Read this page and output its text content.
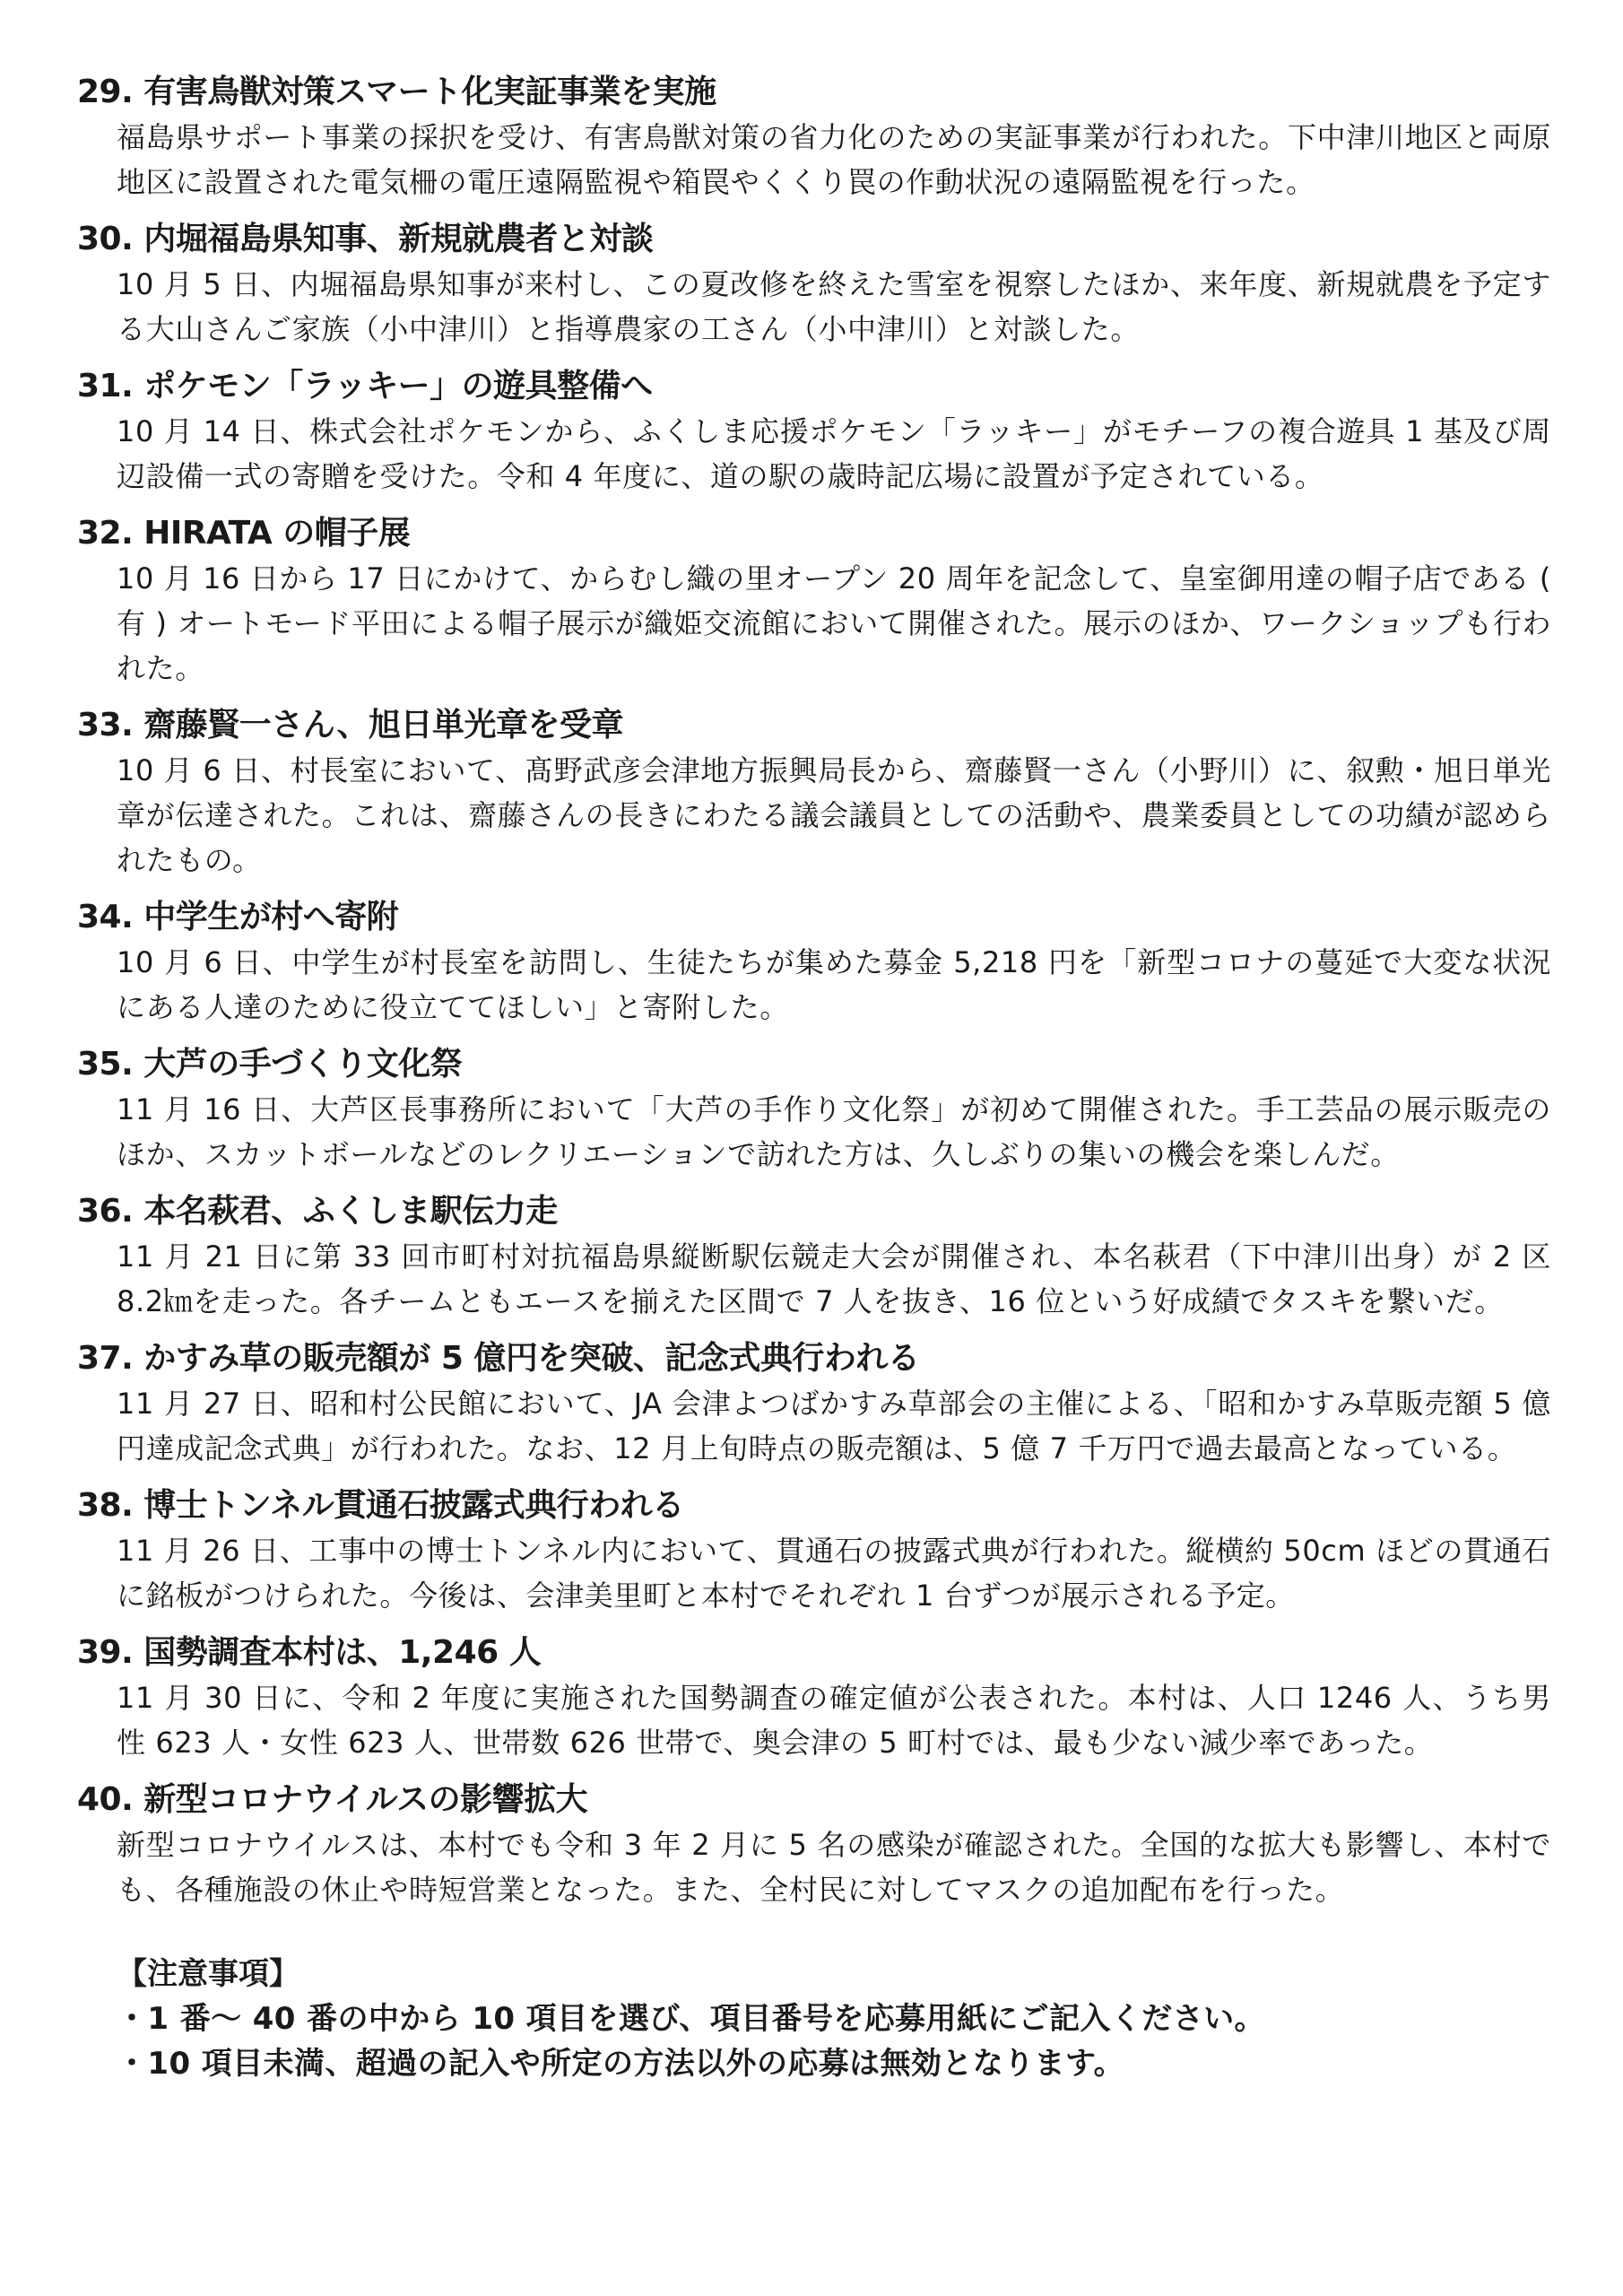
29. 有害鳥獣対策スマート化実証事業を実施
福島県サポート事業の採択を受け、有害鳥獣対策の省力化のための実証事業が行われた。下中津川地区と両原地区に設置された電気柵の電圧遠隔監視や箱罠やくくり罠の作動状況の遠隔監視を行った。
30. 内堀福島県知事、新規就農者と対談
10 月 5 日、内堀福島県知事が来村し、この夏改修を終えた雪室を視察したほか、来年度、新規就農を予定する大山さんご家族（小中津川）と指導農家の工さん（小中津川）と対談した。
31. ポケモン「ラッキー」の遊具整備へ
10 月 14 日、株式会社ポケモンから、ふくしま応援ポケモン「ラッキー」がモチーフの複合遊具 1 基及び周辺設備一式の寄贈を受けた。令和 4 年度に、道の駅の歳時記広場に設置が予定されている。
32. HIRATA の帽子展
10 月 16 日から 17 日にかけて、からむし織の里オープン 20 周年を記念して、皇室御用達の帽子店である ( 有 ) オートモード平田による帽子展示が織姫交流館において開催された。展示のほか、ワークショップも行われた。
33. 齋藤賢一さん、旭日単光章を受章
10 月 6 日、村長室において、髙野武彦会津地方振興局長から、齋藤賢一さん（小野川）に、叙勲・旭日単光章が伝達された。これは、齋藤さんの長きにわたる議会議員としての活動や、農業委員としての功績が認められたもの。
34. 中学生が村へ寄附
10 月 6 日、中学生が村長室を訪問し、生徒たちが集めた募金 5,218 円を「新型コロナの蔓延で大変な状況にある人達のために役立ててほしい」と寄附した。
35. 大芦の手づくり文化祭
11 月 16 日、大芦区長事務所において「大芦の手作り文化祭」が初めて開催された。手工芸品の展示販売のほか、スカットボールなどのレクリエーションで訪れた方は、久しぶりの集いの機会を楽しんだ。
36. 本名萩君、ふくしま駅伝力走
11 月 21 日に第 33 回市町村対抗福島県縦断駅伝競走大会が開催され、本名萩君（下中津川出身）が 2 区 8.2㎞を走った。各チームともエースを揃えた区間で 7 人を抜き、16 位という好成績でタスキを繋いだ。
37. かすみ草の販売額が 5 億円を突破、記念式典行われる
11 月 27 日、昭和村公民館において、JA 会津よつばかすみ草部会の主催による、「昭和かすみ草販売額 5 億円達成記念式典」が行われた。なお、12 月上旬時点の販売額は、5 億 7 千万円で過去最高となっている。
38. 博士トンネル貫通石披露式典行われる
11 月 26 日、工事中の博士トンネル内において、貫通石の披露式典が行われた。縦横約 50cm ほどの貫通石に銘板がつけられた。今後は、会津美里町と本村でそれぞれ 1 台ずつが展示される予定。
39. 国勢調査本村は、1,246 人
11 月 30 日に、令和 2 年度に実施された国勢調査の確定値が公表された。本村は、人口 1246 人、うち男性 623 人・女性 623 人、世帯数 626 世帯で、奥会津の 5 町村では、最も少ない減少率であった。
40. 新型コロナウイルスの影響拡大
新型コロナウイルスは、本村でも令和 3 年 2 月に 5 名の感染が確認された。全国的な拡大も影響し、本村でも、各種施設の休止や時短営業となった。また、全村民に対してマスクの追加配布を行った。
【注意事項】
・1 番～ 40 番の中から 10 項目を選び、項目番号を応募用紙にご記入ください。
・10 項目未満、超過の記入や所定の方法以外の応募は無効となります。
